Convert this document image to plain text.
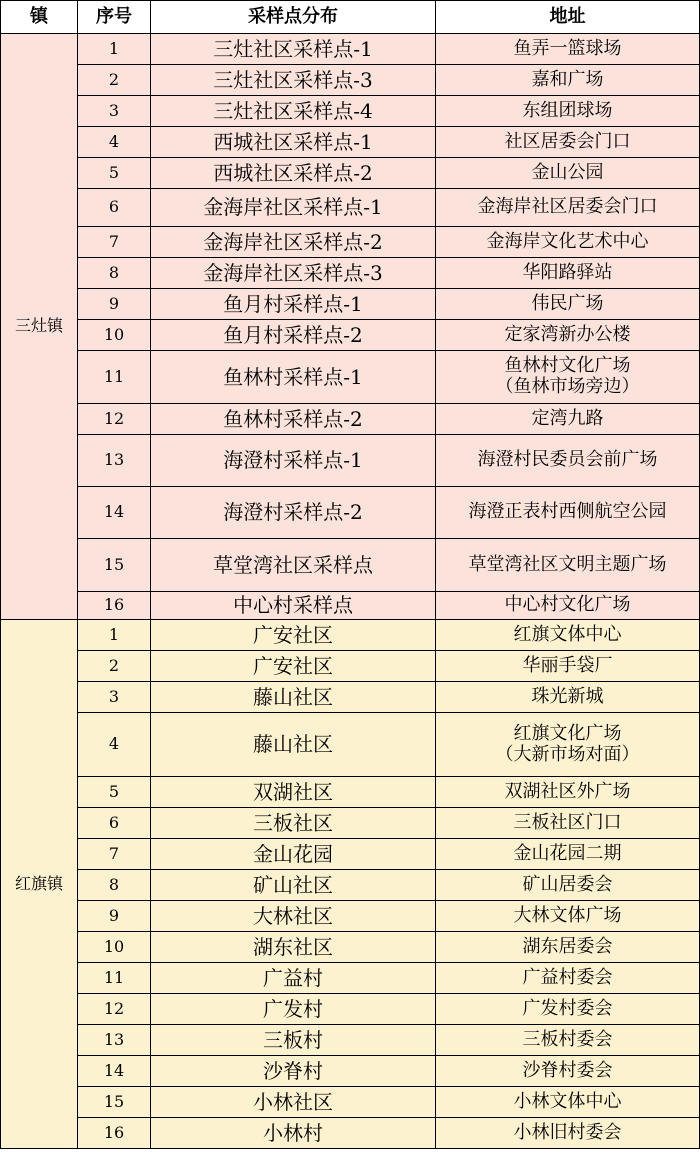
镇	序号	采样点分布	地址
三灶镇	1	三灶社区采样点-1	鱼弄一篮球场

	2	三灶社区采样点-3	嘉和广场

	3	三灶社区采样点-4	东组团球场

	4	西城社区采样点-1	社区居委会门口

	5	西城社区采样点-2	金山公园

	6	金海岸社区采样点-1	金海岸社区居委会门口

	7	金海岸社区采样点-2	金海岸文化艺术中心

	8	金海岸社区采样点-3	华阳路驿站

	9	鱼月村采样点-1	伟民广场

	10	鱼月村采样点-2	定家湾新办公楼

	11	鱼林村采样点-1	鱼林村文化广场
（鱼林市场旁边）

	12	鱼林村采样点-2	定湾九路

	13	海澄村采样点-1	海澄村民委员会前广场

	14	海澄村采样点-2	海澄正表村西侧航空公园

	15	草堂湾社区采样点	草堂湾社区文明主题广场

	16	中心村采样点	中心村文化广场

红旗镇	1	广安社区	红旗文体中心

	2	广安社区	华丽手袋厂

	3	藤山社区	珠光新城

	4	藤山社区	红旗文化广场
（大新市场对面）

	5	双湖社区	双湖社区外广场

	6	三板社区	三板社区门口

	7	金山花园	金山花园二期

	8	矿山社区	矿山居委会

	9	大林社区	大林文体广场

	10	湖东社区	湖东居委会

	11	广益村	广益村委会

	12	广发村	广发村委会

	13	三板村	三板村委会

	14	沙脊村	沙脊村委会

	15	小林社区	小林文体中心

	16	小林村	小林旧村委会
